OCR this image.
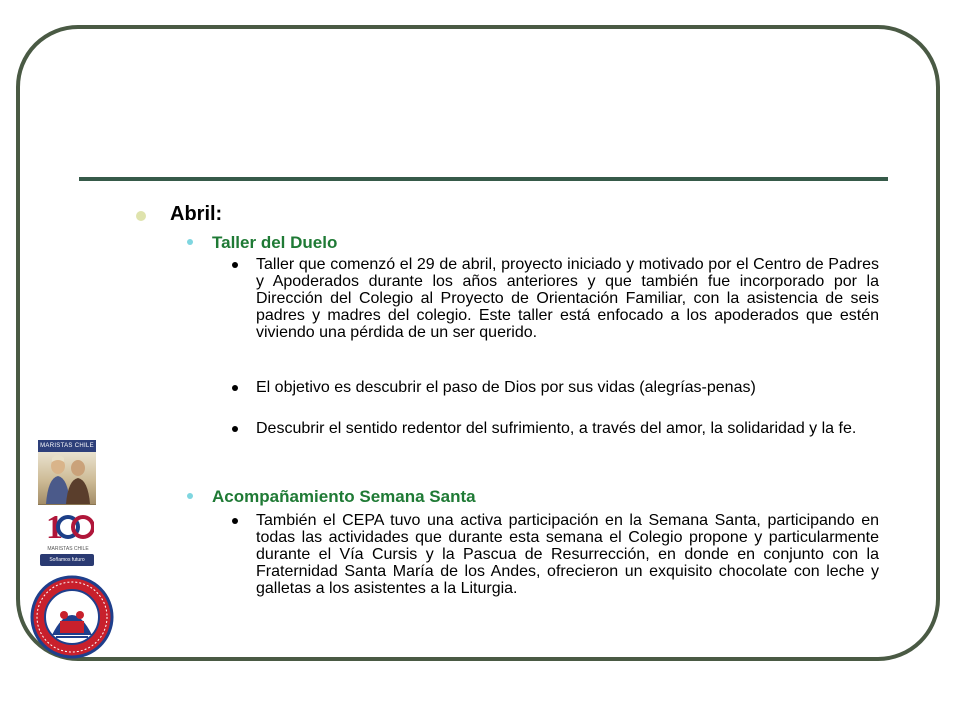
MARISTAS CHILE
1
MARISTAS CHILE
Soñamos futuro
Abril:
Taller del Duelo
Taller que comenzó el 29 de abril, proyecto iniciado y motivado por el Centro de Padres y Apoderados durante los años anteriores y que también fue incorporado por la Dirección del Colegio al Proyecto de Orientación Familiar, con la asistencia de seis padres y madres del colegio. Este taller está enfocado a los apoderados que estén viviendo una pérdida de un ser querido.
El objetivo es descubrir el paso de Dios por sus vidas (alegrías-penas)
Descubrir el sentido redentor del sufrimiento, a través del amor, la solidaridad y la fe.
Acompañamiento Semana Santa
También el CEPA tuvo una activa participación en la Semana Santa, participando en todas las actividades que durante esta semana el Colegio propone y particularmente durante el Vía Cursis y la Pascua de Resurrección, en donde en conjunto con la Fraternidad Santa María de los Andes, ofrecieron un exquisito chocolate con leche y galletas a los asistentes a la Liturgia.
